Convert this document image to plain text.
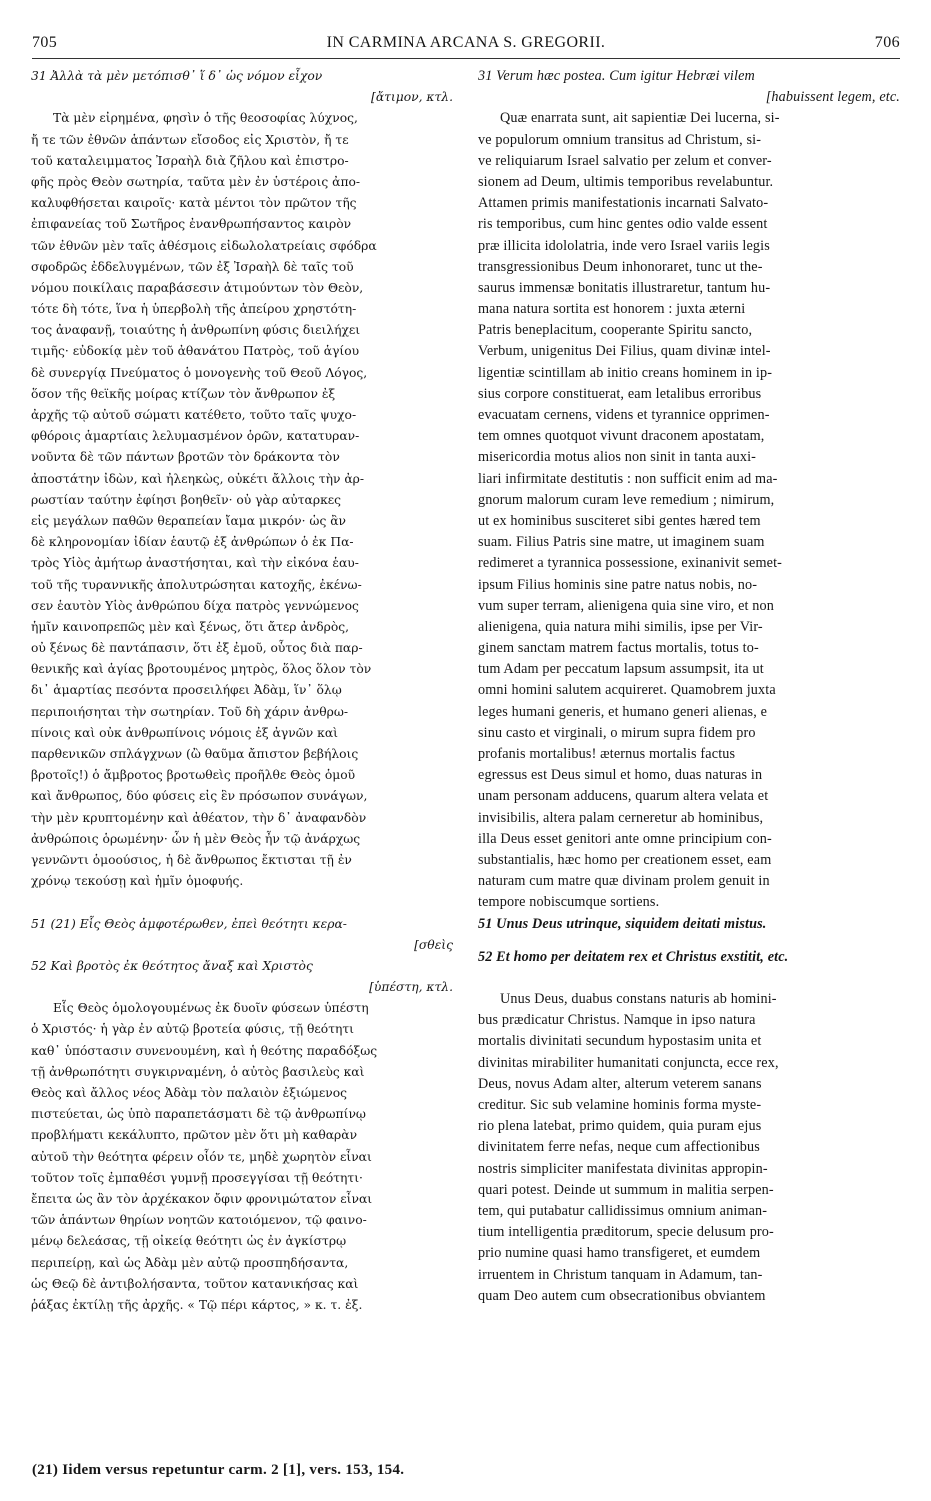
705	IN CARMINA ARCANA S. GREGORII.	706
31 Ἀλλὰ τὰ μὲν μετόπισθ᾽ ἵ δ᾽ ὡς νόμον εἶχον
[ἄτιμον, κτλ.
Τὰ μὲν εἰρημένα, φησὶν ὁ τῆς θεοσοφίας λύχνος,
ἤ τε τῶν ἐθνῶν ἁπάντων εἴσοδος εἰς Χριστὸν, ἤ τε
τοῦ καταλειμματος Ἰσραὴλ διὰ ζῆλου καὶ ἐπιστρο-
φῆς πρὸς Θεὸν σωτηρία, ταῦτα μὲν ἐν ὑστέροις ἀπο-
καλυφθήσεται καιροῖς· κατὰ μέντοι τὸν πρῶτον τῆς
ἐπιφανείας τοῦ Σωτῆρος ἐνανθρωπήσαντος καιρὸν
τῶν ἐθνῶν μὲν ταῖς ἀθέσμοις εἰδωλολατρείαις σφόδρα
σφοδρῶς ἐδδελυγμένων, τῶν ἐξ Ἰσραὴλ δὲ ταῖς τοῦ
νόμου ποικίλαις παραβάσεσιν ἀτιμούντων τὸν Θεὸν,
τότε δὴ τότε, ἵνα ἡ ὑπερβολὴ τῆς ἀπείρου χρηστότη-
τος ἀναφανῇ, τοιαύτης ἡ ἀνθρωπίνη φύσις διειλήχει
τιμῆς· εὐδοκίᾳ μὲν τοῦ ἀθανάτου Πατρὸς, τοῦ ἁγίου
δὲ συνεργίᾳ Πνεύματος ὁ μονογενὴς τοῦ Θεοῦ Λόγος,
ὅσον τῆς θεϊκῆς μοίρας κτίζων τὸν ἄνθρωπον ἐξ
ἀρχῆς τῷ αὐτοῦ σώματι κατέθετο, τοῦτο ταῖς ψυχο-
φθόροις ἁμαρτίαις λελυμασμένον ὁρῶν, κατατυραν-
νοῦντα δὲ τῶν πάντων βροτῶν τὸν δράκοντα τὸν
ἀποστάτην ἰδὼν, καὶ ἠλεηκὼς, οὐκέτι ἄλλοις τὴν ἀρ-
ρωστίαν ταύτην ἐφίησι βοηθεῖν· οὐ γὰρ αὐταρκες
εἰς μεγάλων παθῶν θεραπείαν ἴαμα μικρόν· ὡς ἂν
δὲ κληρονομίαν ἰδίαν ἑαυτῷ ἐξ ἀνθρώπων ὁ ἐκ Πα-
τρὸς Υἱὸς ἀμήτωρ ἀναστήσηται, καὶ τὴν εἰκόνα ἑαυ-
τοῦ τῆς τυραννικῆς ἀπολυτρώσηται κατοχῆς, ἐκένω-
σεν ἑαυτὸν Υἱὸς ἀνθρώπου δίχα πατρὸς γεννώμενος
ἡμῖν καινοπρεπῶς μὲν καὶ ξένως, ὅτι ἄτερ ἀνδρὸς,
οὐ ξένως δὲ παντάπασιν, ὅτι ἐξ ἐμοῦ, οὗτος διὰ παρ-
θενικῆς καὶ ἁγίας βροτουμένος μητρὸς, ὅλος ὅλον τὸν
δι᾽ ἁμαρτίας πεσόντα προσειλήφει Ἀδὰμ, ἵν᾽ ὅλῳ
περιποιήσηται τὴν σωτηρίαν. Τοῦ δὴ χάριν ἀνθρω-
πίνοις καὶ οὐκ ἀνθρωπίνοις νόμοις ἐξ ἀγνῶν καὶ
παρθενικῶν σπλάγχνων (ὢ θαῦμα ἄπιστον βεβήλοις
βροτοῖς!) ὁ ἄμβροτος βροτωθεὶς προῆλθε Θεὸς ὁμοῦ
καὶ ἄνθρωπος, δύο φύσεις εἰς ἓν πρόσωπον συνάγων,
τὴν μὲν κρυπτομένην καὶ ἀθέατον, τὴν δ᾽ ἀναφανδὸν
ἀνθρώποις ὁρωμένην· ὧν ἡ μὲν Θεὸς ἦν τῷ ἀνάρχως
γεννῶντι ὁμοούσιος, ἡ δὲ ἄνθρωπος ἔκτισται τῇ ἐν
χρόνῳ τεκούσῃ καὶ ἡμῖν ὁμοφυής.
51 (21) Εἷς Θεὸς ἀμφοτέρωθεν, ἐπεὶ θεότητι κερα-
[σθεὶς
52 Καὶ βροτὸς ἐκ θεότητος ἄναξ καὶ Χριστὸς
[ὑπέστη, κτλ.
Εἷς Θεὸς ὁμολογουμένως ἐκ δυοῖν φύσεων ὑπέστη
ὁ Χριστός· ἡ γὰρ ἐν αὐτῷ βροτεία φύσις, τῇ θεότητι
καθ᾽ ὑπόστασιν συνενουμένη, καὶ ἡ θεότης παραδόξως
τῇ ἀνθρωπότητι συγκιρναμένη, ὁ αὐτὸς βασιλεὺς καὶ
Θεὸς καὶ ἄλλος νέος Ἀδὰμ τὸν παλαιὸν ἐξιώμενος
πιστεύεται, ὡς ὑπὸ παραπετάσματι δὲ τῷ ἀνθρωπίνῳ
προβλήματι κεκάλυπτο, πρῶτον μὲν ὅτι μὴ καθαρὰν
αὐτοῦ τὴν θεότητα φέρειν οἷόν τε, μηδὲ χωρητὸν εἶναι
τοῦτον τοῖς ἐμπαθέσι γυμνῇ προσεγγίσαι τῇ θεότητι·
ἔπειτα ὡς ἂν τὸν ἀρχέκακον ὄφιν φρονιμώτατον εἶναι
τῶν ἁπάντων θηρίων νοητῶν κατοιόμενον, τῷ φαινο-
μένῳ δελεάσας, τῇ οἰκείᾳ θεότητι ὡς ἐν ἀγκίστρῳ
περιπείρῃ, καὶ ὡς Ἀδὰμ μὲν αὐτῷ προσπηδήσαντα,
ὡς Θεῷ δὲ ἀντιβολήσαντα, τοῦτον κατανικήσας καὶ
ῥάξας ἐκτίλῃ τῆς ἀρχῆς. « Τῷ πέρι κάρτος, » κ. τ. ἐξ.
31 Verum hæc postea. Cum igitur Hebræi vilem
[habuissent legem, etc.
Quæ enarrata sunt, ait sapientiæ Dei lucerna, si-
ve populorum omnium transitus ad Christum, si-
ve reliquiarum Israel salvatio per zelum et conver-
sionem ad Deum, ultimis temporibus revelabuntur.
Attamen primis manifestationis incarnati Salvato-
ris temporibus, cum hinc gentes odio valde essent
præ illicita idololatria, inde vero Israel variis legis
transgressionibus Deum inhonoraret, tunc ut the-
saurus immensæ bonitatis illustraretur, tantum hu-
mana natura sortita est honorem : juxta æterni
Patris beneplacitum, cooperante Spiritu sancto,
Verbum, unigenitus Dei Filius, quam divinæ intel-
ligentiæ scintillam ab initio creans hominem in ip-
sius corpore constituerat, eam letalibus erroribus
evacuatam cernens, videns et tyrannice opprimen-
tem omnes quotquot vivunt draconem apostatam,
misericordia motus alios non sinit in tanta auxi-
liari infirmitate destitutis : non sufficit enim ad ma-
gnorum malorum curam leve remedium ; nimirum,
ut ex hominibus susciteret sibi gentes hæred tem
suam. Filius Patris sine matre, ut imaginem suam
redimeret a tyrannica possessione, exinanivit semet-
ipsum Filius hominis sine patre natus nobis, no-
vum super terram, alienigena quia sine viro, et non
alienigena, quia natura mihi similis, ipse per Vir-
ginem sanctam matrem factus mortalis, totus to-
tum Adam per peccatum lapsum assumpsit, ita ut
omni homini salutem acquireret. Quamobrem juxta
leges humani generis, et humano generi alienas, e
sinu casto et virginali, o mirum supra fidem pro
profanis mortalibus! æternus mortalis factus
egressus est Deus simul et homo, duas naturas in
unam personam adducens, quarum altera velata et
invisibilis, altera palam cerneretur ab hominibus,
illa Deus esset genitori ante omne principium con-
substantialis, hæc homo per creationem esset, eam
naturam cum matre quæ divinam prolem genuit in
tempore nobiscumque sortiens.
51 Unus Deus utrinque, siquidem deitati mistus.
52 Et homo per deitatem rex et Christus exstitit, etc.
Unus Deus, duabus constans naturis ab homini-
bus prædicatur Christus. Namque in ipso natura
mortalis divinitati secundum hypostasim unita et
divinitas mirabiliter humanitati conjuncta, ecce rex,
Deus, novus Adam alter, alterum veterem sanans
creditur. Sic sub velamine hominis forma myste-
rio plena latebat, primo quidem, quia puram ejus
divinitatem ferre nefas, neque cum affectionibus
nostris simpliciter manifestata divinitas appropin-
quari potest. Deinde ut summum in malitia serpen-
tem, qui putabatur callidissimus omnium animan-
tium intelligentia præditorum, specie delusum pro-
prio numine quasi hamo transfigeret, et eumdem
irruentem in Christum tanquam in Adamum, tan-
quam Deo autem cum obsecrationibus obviantem
(21) Iidem versus repetuntur carm. 2 [1], vers. 153, 154.
